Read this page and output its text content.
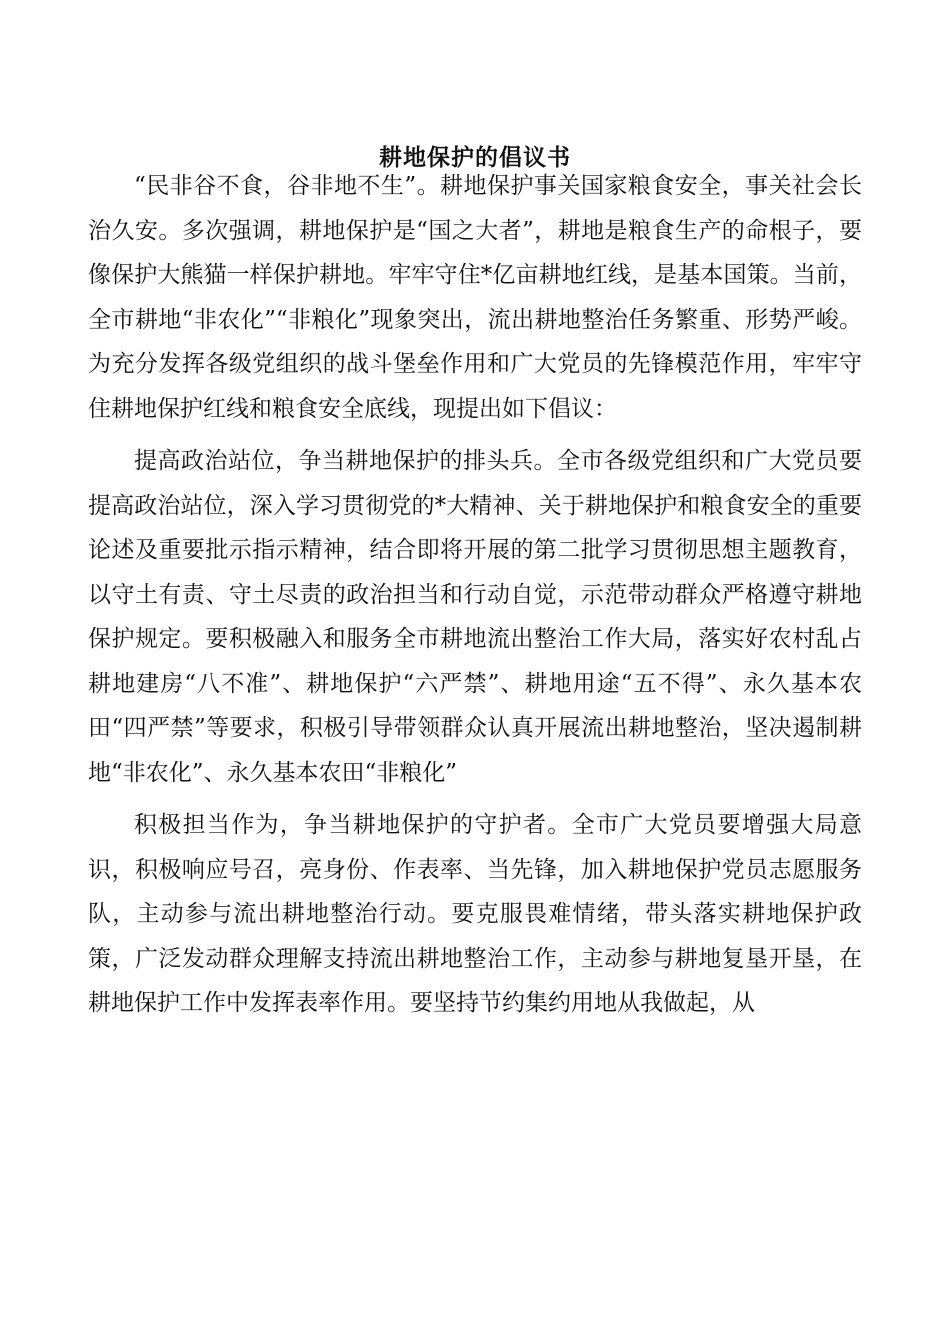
耕地保护的倡议书

“民非谷不食，谷非地不生”。耕地保护事关国家粮食安全，事关社会长治久安。多次强调，耕地保护是“国之大者”，耕地是粮食生产的命根子，要像保护大熊猫一样保护耕地。牢牢守住*亿亩耕地红线，是基本国策。当前，全市耕地“非农化”“非粮化”现象突出，流出耕地整治任务繁重、形势严峻。为充分发挥各级党组织的战斗堡垒作用和广大党员的先锋模范作用，牢牢守住耕地保护红线和粮食安全底线，现提出如下倡议：

提高政治站位，争当耕地保护的排头兵。全市各级党组织和广大党员要提高政治站位，深入学习贯彻党的*大精神、关于耕地保护和粮食安全的重要论述及重要批示指示精神，结合即将开展的第二批学习贯彻思想主题教育，以守土有责、守土尽责的政治担当和行动自觉，示范带动群众严格遵守耕地保护规定。要积极融入和服务全市耕地流出整治工作大局，落实好农村乱占耕地建房“八不准”、耕地保护“六严禁”、耕地用途“五不得”、永久基本农田“四严禁”等要求，积极引导带领群众认真开展流出耕地整治，坚决遏制耕地“非农化”、永久基本农田“非粮化”

积极担当作为，争当耕地保护的守护者。全市广大党员要增强大局意识，积极响应号召，亮身份、作表率、当先锋，加入耕地保护党员志愿服务队，主动参与流出耕地整治行动。要克服畏难情绪，带头落实耕地保护政策，广泛发动群众理解支持流出耕地整治工作，主动参与耕地复垦开垦，在耕地保护工作中发挥表率作用。要坚持节约集约用地从我做起，从
